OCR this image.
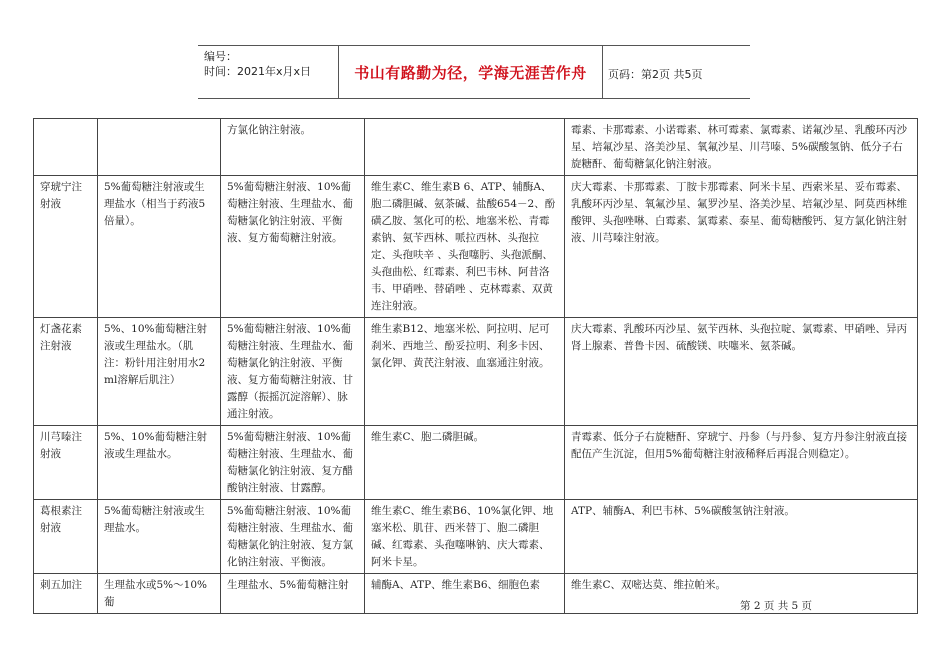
编号：
时间：2021年x月x日	书山有路勤为径，学海无涯苦作舟	页码：第2页 共5页
		方氯化钠注射液。		霉素、卡那霉素、小诺霉素、林可霉素、氯霉素、诺氟沙星、乳酸环丙沙星、培氟沙星、洛美沙星、氧氟沙星、川芎嗪、5%碳酸氢钠、低分子右旋糖酐、葡萄糖氯化钠注射液。
穿琥宁注射液	5%葡萄糖注射液或生理盐水（相当于药液5倍量）。	5%葡萄糖注射液、10%葡萄糖注射液、生理盐水、葡萄糖氯化钠注射液、平衡液、复方葡萄糖注射液。	维生素C、维生素B 6、ATP、辅酶A、胞二磷胆碱、氨茶碱、盐酸654－2、酚磺乙胺、氢化可的松、地塞米松、青霉素钠、氨苄西林、哌拉西林、头孢拉定、头孢呋辛 、头孢噻肟、头孢派酮、头孢曲松、红霉素、利巴韦林、阿昔洛韦、甲硝唑、替硝唑 、克林霉素、双黄连注射液。	庆大霉素、卡那霉素、丁胺卡那霉素、阿米卡星、西索米星、妥布霉素、乳酸环丙沙星、氧氟沙星、氟罗沙星、洛美沙星、培氟沙星、阿莫西林维酸钾、头孢唑啉、白霉素、氯霉素、泰星、葡萄糖酸钙、复方氯化钠注射液、川芎嗪注射液。
灯盏花素注射液	5%、10%葡萄糖注射液或生理盐水。（肌注：粉针用注射用水2ml溶解后肌注）	5%葡萄糖注射液、10%葡萄糖注射液、生理盐水、葡萄糖氯化钠注射液、平衡液、复方葡萄糖注射液、甘露醇（振摇沉淀溶解）、脉通注射液。	维生素B12、地塞米松、阿拉明、尼可刹米、西地兰、酚妥拉明、利多卡因、氯化钾、黄芪注射液、血塞通注射液。	庆大霉素、乳酸环丙沙星、氨苄西林、头孢拉啶、氯霉素、甲硝唑、异丙肾上腺素、普鲁卡因、硫酸镁、呋噻米、氨茶碱。
川芎嗪注射液	5%、10%葡萄糖注射液或生理盐水。	5%葡萄糖注射液、10%葡萄糖注射液、生理盐水、葡萄糖氯化钠注射液、复方醋酸钠注射液、甘露醇。	维生素C、胞二磷胆碱。	青霉素、低分子右旋糖酐、穿琥宁、丹参（与丹参、复方丹参注射液直接配伍产生沉淀，但用5%葡萄糖注射液稀释后再混合则稳定）。
葛根素注射液	5%葡萄糖注射液或生理盐水。	5%葡萄糖注射液、10%葡萄糖注射液、生理盐水、葡萄糖氯化钠注射液、复方氯化钠注射液、平衡液。	维生素C、维生素B6、10%氯化钾、地塞米松、肌苷、西米替丁、胞二磷胆碱、红霉素、头孢噻啉钠、庆大霉素、阿米卡星。	ATP、辅酶A、利巴韦林、5%碳酸氢钠注射液。
刺五加注	生理盐水或5%～10%葡	生理盐水、5%葡萄糖注射	辅酶A、ATP、维生素B6、细胞色素	维生素C、双嘧达莫、维拉帕米。
第 2 页 共 5 页
